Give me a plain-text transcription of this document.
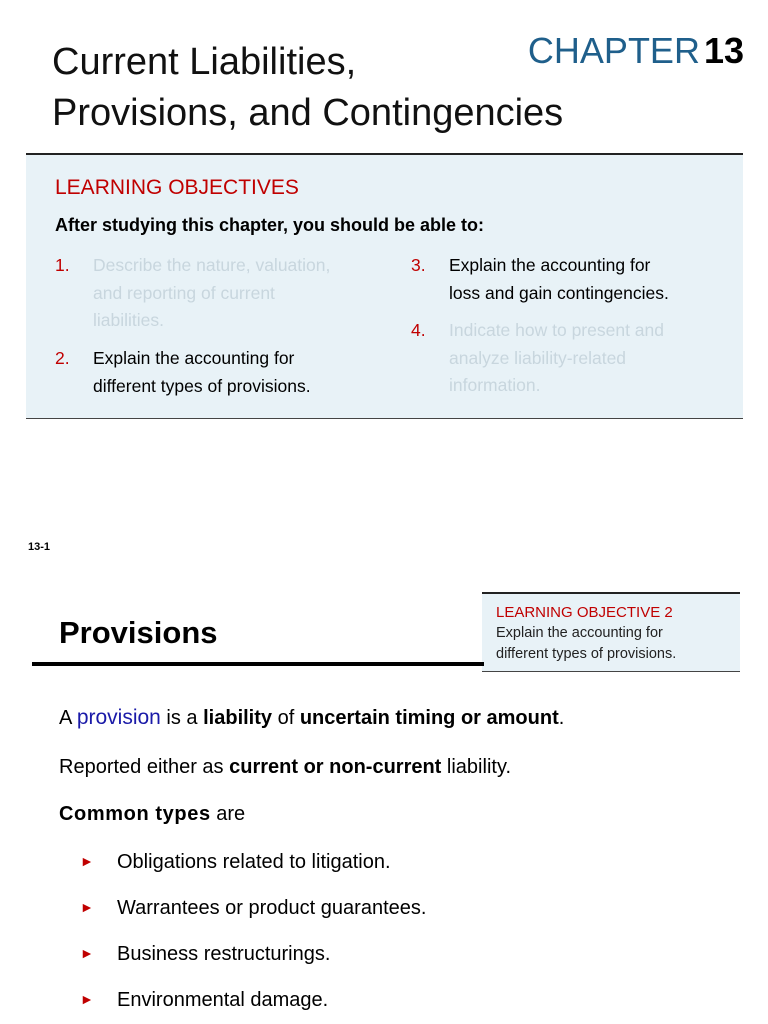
Current Liabilities,
Provisions, and Contingencies
CHAPTER 13
LEARNING OBJECTIVES
After studying this chapter, you should be able to:
1. Describe the nature, valuation,
and reporting of current
liabilities.
2. Explain the accounting for
different types of provisions.
3. Explain the accounting for
loss and gain contingencies.
4. Indicate how to present and
analyze liability-related
information.
13-1
LEARNING OBJECTIVE 2
Explain the accounting for
different types of provisions.
Provisions
A provision is a liability of uncertain timing or amount.
Reported either as current or non-current liability.
Common types are
► Obligations related to litigation.
► Warrantees or product guarantees.
► Business restructurings.
► Environmental damage.
